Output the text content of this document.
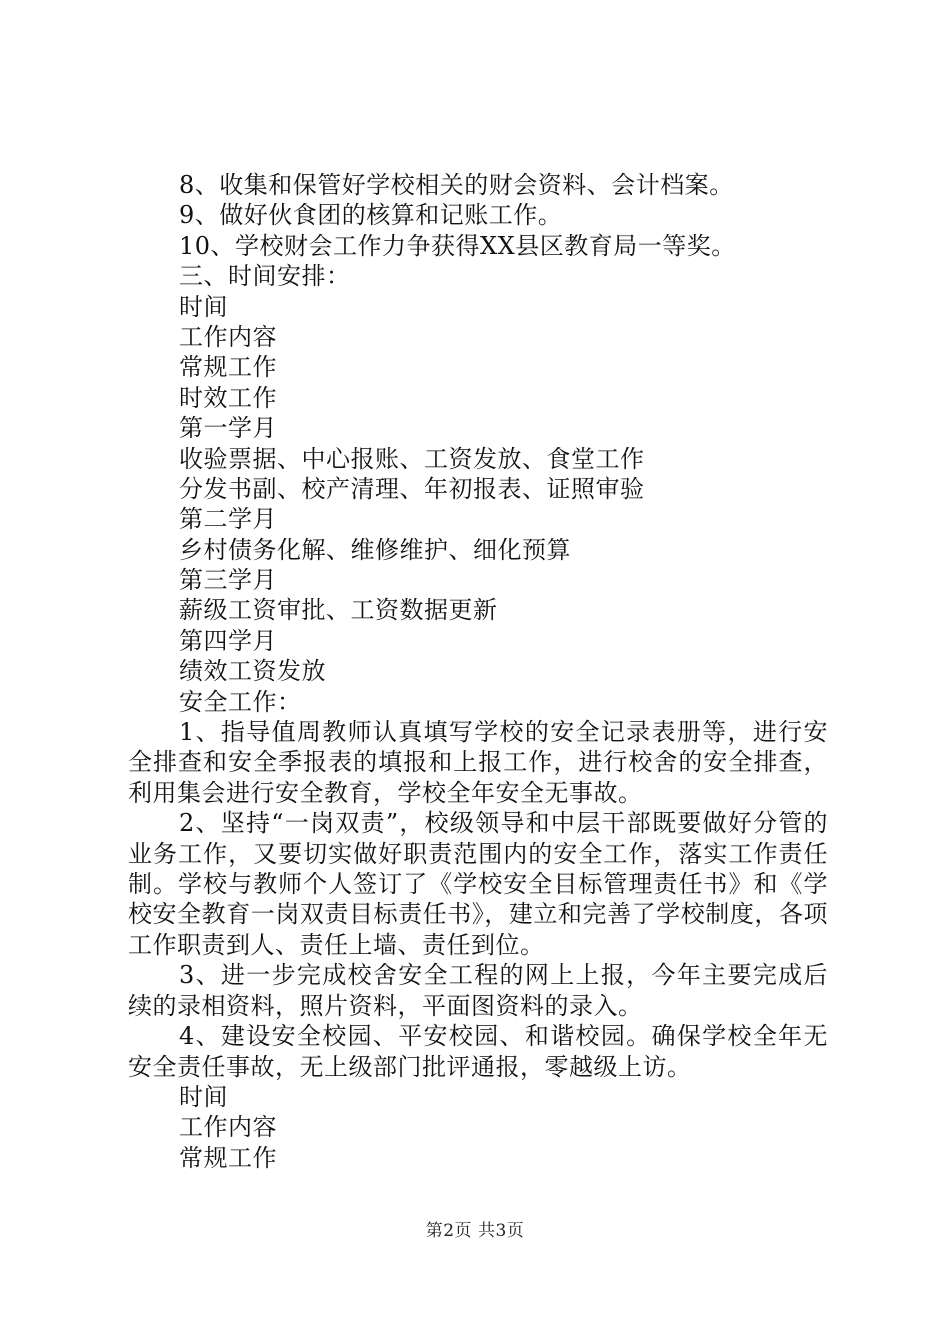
8、收集和保管好学校相关的财会资料、会计档案。
9、做好伙食团的核算和记账工作。
10、学校财会工作力争获得XX县区教育局一等奖。
三、时间安排：
时间
工作内容
常规工作
时效工作
第一学月
收验票据、中心报账、工资发放、食堂工作
分发书副、校产清理、年初报表、证照审验
第二学月
乡村债务化解、维修维护、细化预算
第三学月
薪级工资审批、工资数据更新
第四学月
绩效工资发放
安全工作：
1、指导值周教师认真填写学校的安全记录表册等，进行安全排查和安全季报表的填报和上报工作，进行校舍的安全排查，利用集会进行安全教育，学校全年安全无事故。
2、坚持“一岗双责”，校级领导和中层干部既要做好分管的业务工作，又要切实做好职责范围内的安全工作，落实工作责任制。学校与教师个人签订了《学校安全目标管理责任书》和《学校安全教育一岗双责目标责任书》，建立和完善了学校制度，各项工作职责到人、责任上墙、责任到位。
3、进一步完成校舍安全工程的网上上报，今年主要完成后续的录相资料，照片资料，平面图资料的录入。
4、建设安全校园、平安校园、和谐校园。确保学校全年无安全责任事故，无上级部门批评通报，零越级上访。
时间
工作内容
常规工作
第2页 共3页
